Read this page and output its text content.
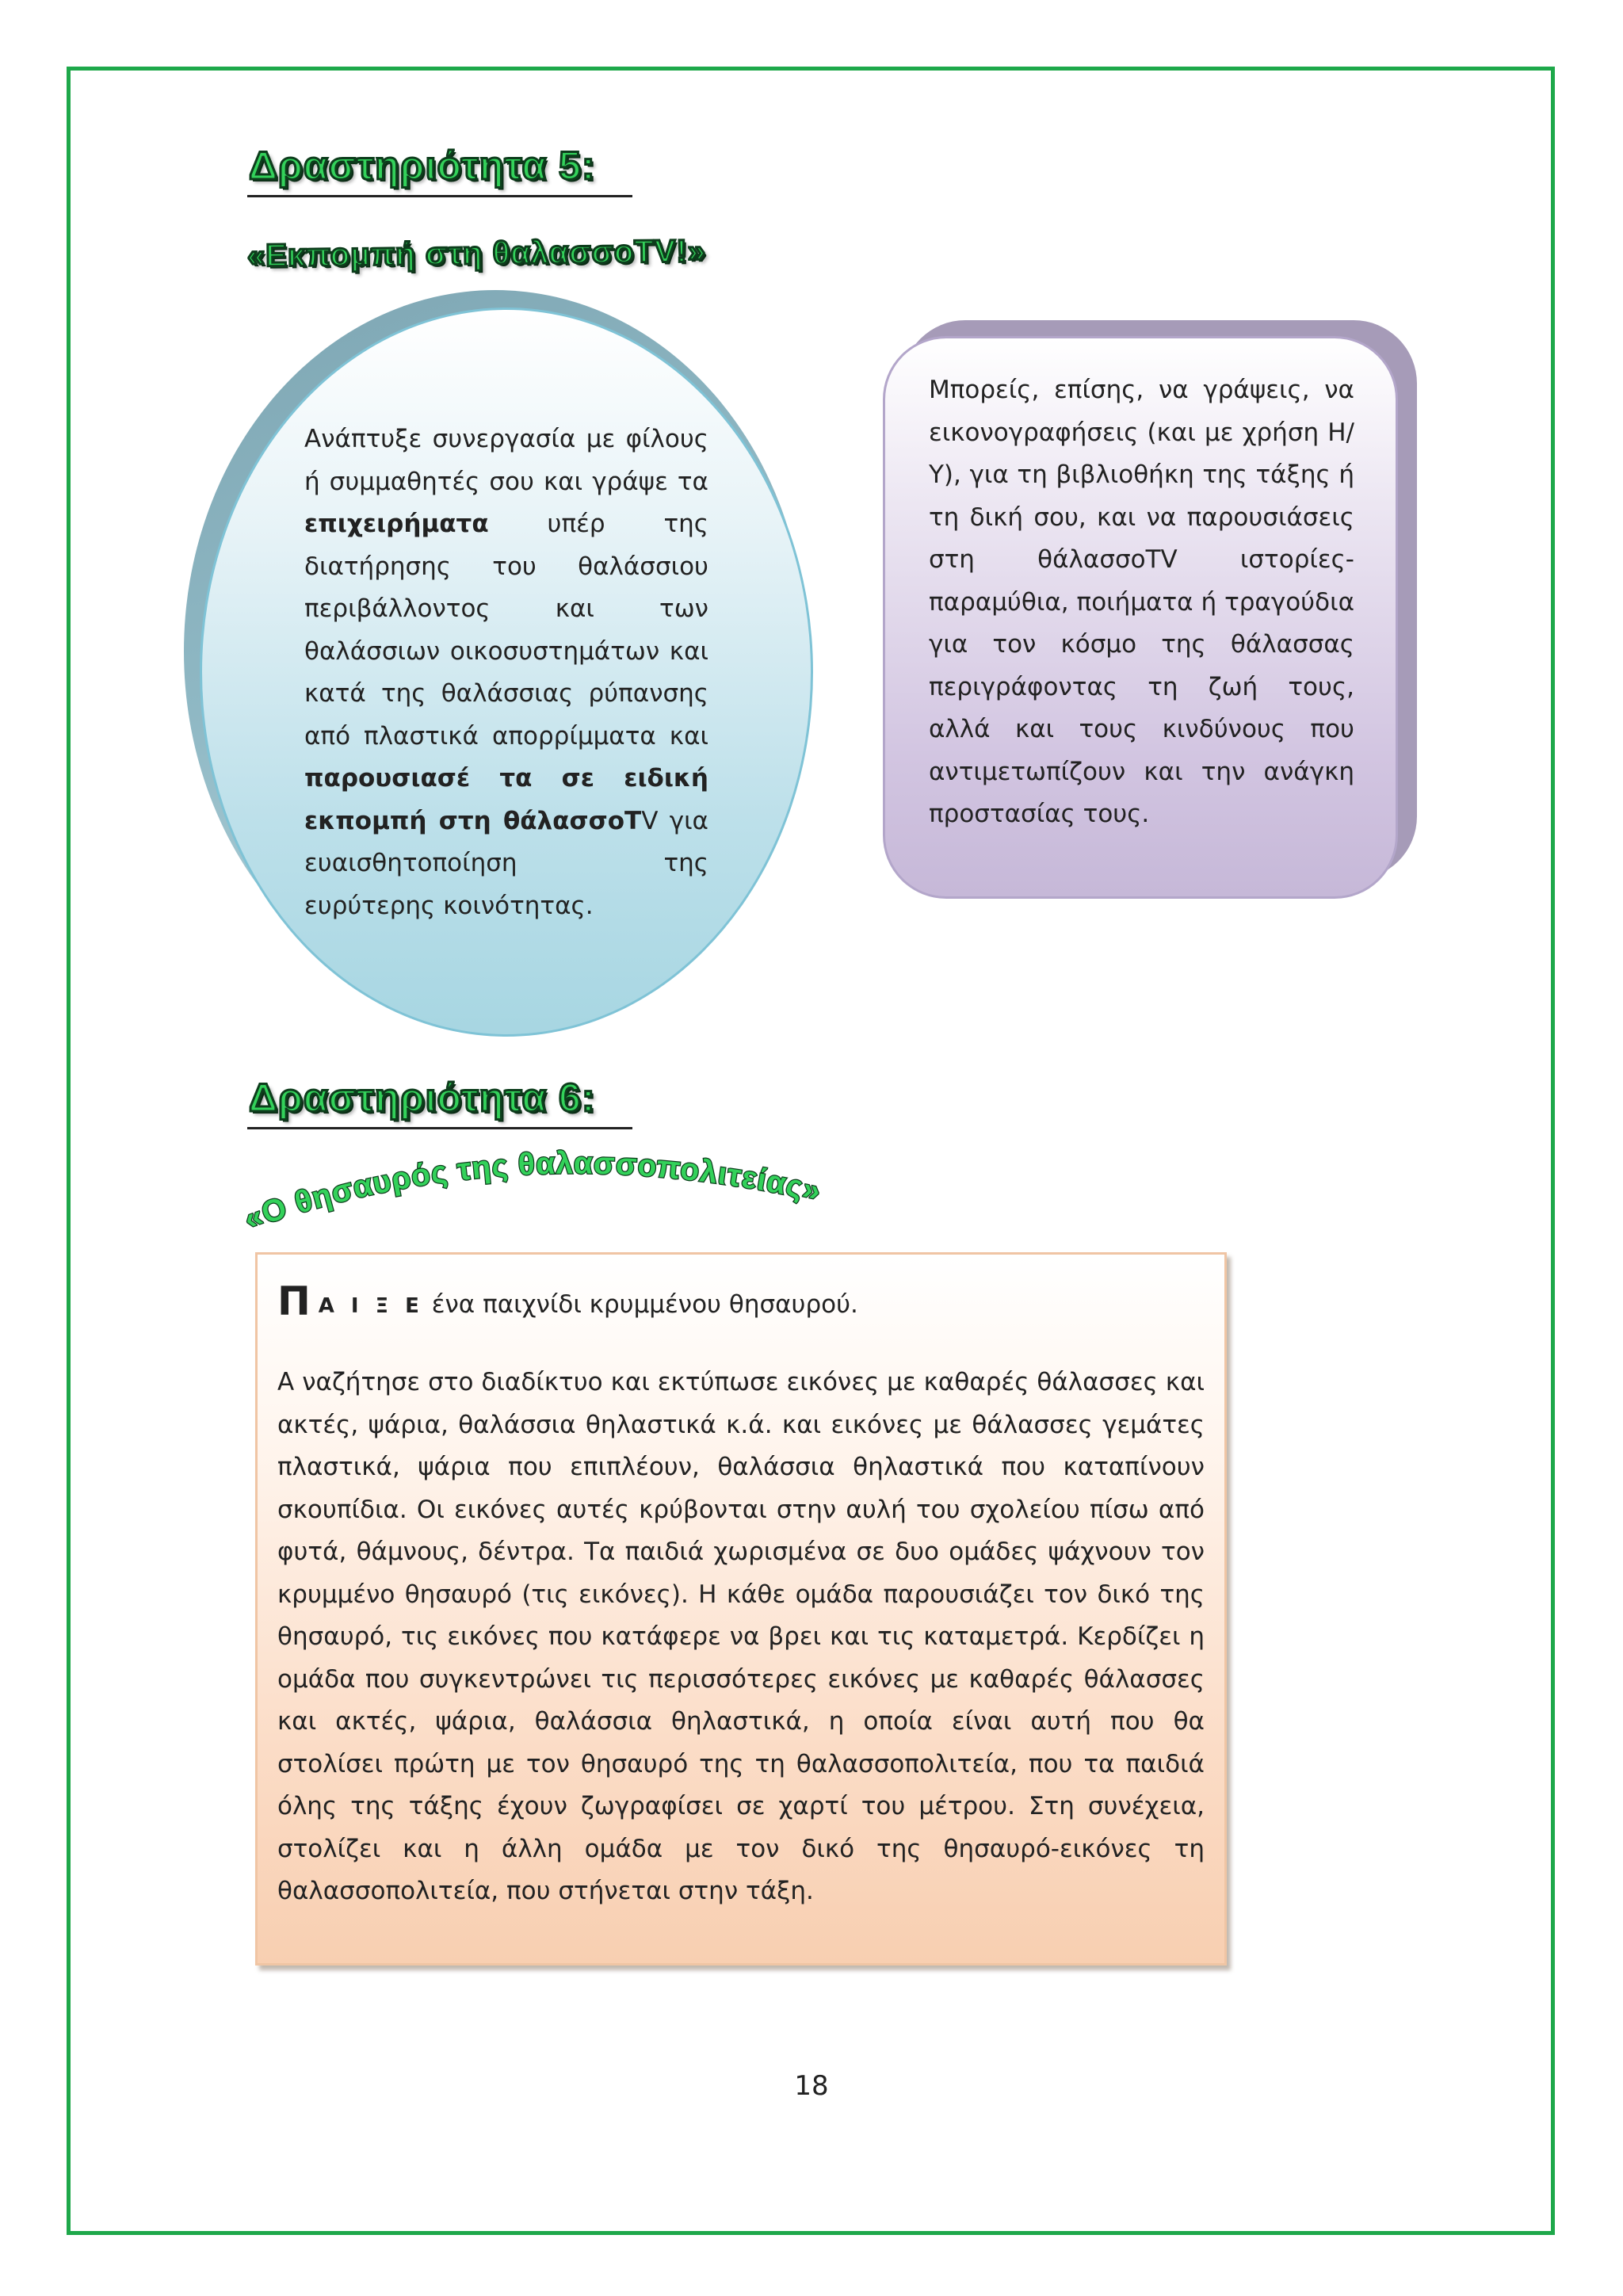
Δραστηριότητα 5:
«Εκπομπή στη θαλασσοTV!»

Ανάπτυξε συνεργασία με φίλους ή συμμαθητές σου και γράψε τα επιχειρήματα υπέρ της διατήρησης του θαλάσσιου περιβάλλοντος και των θαλάσσιων οικοσυστημάτων και κατά της θαλάσσιας ρύπανσης από πλαστικά απορρίμματα και παρουσιασέ τα σε ειδική εκπομπή στη θάλασσοΤV για ευαισθητοποίηση της ευρύτερης κοινότητας.

Μπορείς, επίσης, να γράψεις, να εικονογραφήσεις (και με χρήση Η/Υ), για τη βιβλιοθήκη της τάξης ή τη δική σου, και να παρουσιάσεις στη θάλασσoTV ιστορίες-παραμύθια, ποιήματα ή τραγούδια για τον κόσμο της θάλασσας περιγράφοντας τη ζωή τους, αλλά και τους κινδύνους που αντιμετωπίζουν και την ανάγκη προστασίας τους.
Δραστηριότητα 6:
«Ο θησαυρός της θαλασσοπολιτείας»
Π Α Ι Ξ Ε ένα παιχνίδι κρυμμένου θησαυρού.
Α ναζήτησε στο διαδίκτυο και εκτύπωσε εικόνες με καθαρές θάλασσες και ακτές, ψάρια, θαλάσσια θηλαστικά κ.ά. και εικόνες με θάλασσες γεμάτες πλαστικά, ψάρια που επιπλέουν, θαλάσσια θηλαστικά που καταπίνουν σκουπίδια. Οι εικόνες αυτές κρύβονται στην αυλή του σχολείου πίσω από φυτά, θάμνους, δέντρα. Τα παιδιά χωρισμένα σε δυο ομάδες ψάχνουν τον κρυμμένο θησαυρό (τις εικόνες). Η κάθε ομάδα παρουσιάζει τον δικό της θησαυρό, τις εικόνες που κατάφερε να βρει και τις καταμετρά. Κερδίζει η ομάδα που συγκεντρώνει τις περισσότερες εικόνες με καθαρές θάλασσες και ακτές, ψάρια, θαλάσσια θηλαστικά, η οποία είναι αυτή που θα στολίσει πρώτη με τον θησαυρό της τη θαλασσοπολιτεία, που τα παιδιά όλης της τάξης έχουν ζωγραφίσει σε χαρτί του μέτρου. Στη συνέχεια, στολίζει και η άλλη ομάδα με τον δικό της θησαυρό-εικόνες τη θαλασσοπολιτεία, που στήνεται στην τάξη.
18
